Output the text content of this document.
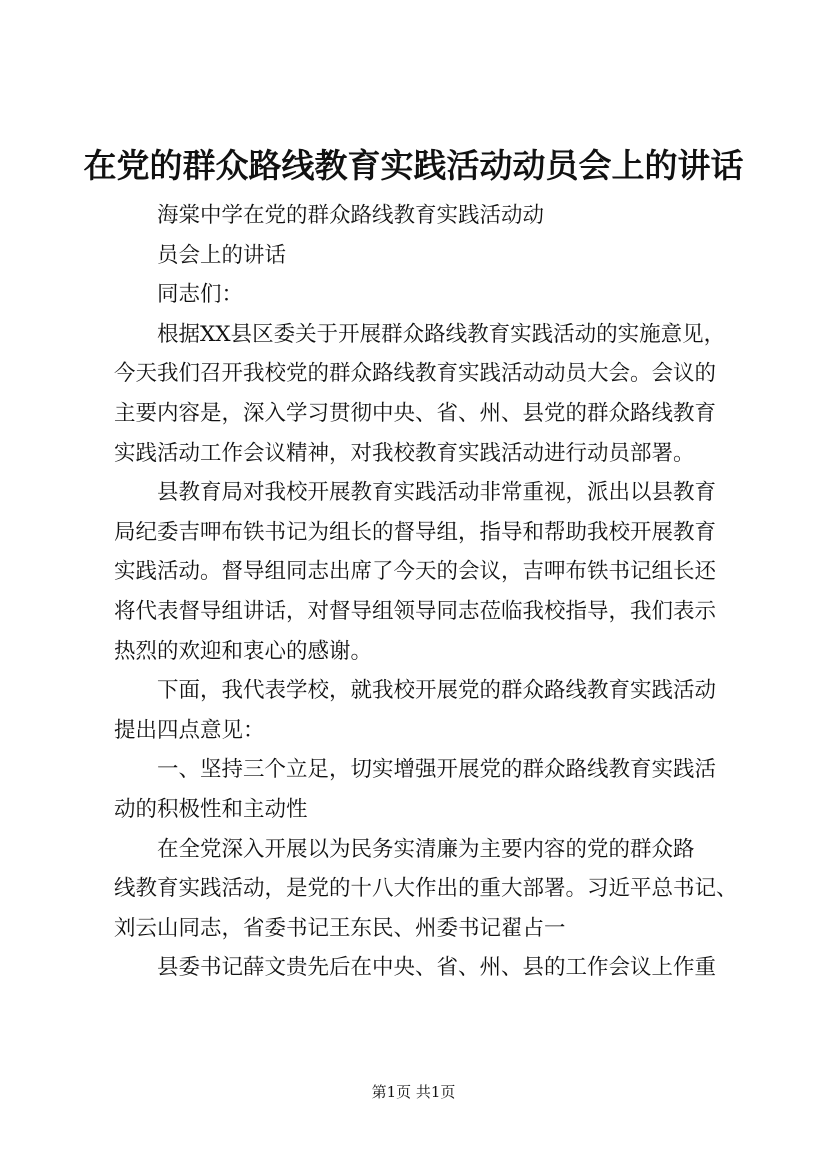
在党的群众路线教育实践活动动员会上的讲话
海棠中学在党的群众路线教育实践活动动
员会上的讲话
同志们：
根据XX县区委关于开展群众路线教育实践活动的实施意见，
今天我们召开我校党的群众路线教育实践活动动员大会。会议的
主要内容是，深入学习贯彻中央、省、州、县党的群众路线教育
实践活动工作会议精神，对我校教育实践活动进行动员部署。
县教育局对我校开展教育实践活动非常重视，派出以县教育
局纪委吉呷布铁书记为组长的督导组，指导和帮助我校开展教育
实践活动。督导组同志出席了今天的会议，吉呷布铁书记组长还
将代表督导组讲话，对督导组领导同志莅临我校指导，我们表示
热烈的欢迎和衷心的感谢。
下面，我代表学校，就我校开展党的群众路线教育实践活动
提出四点意见：
一、坚持三个立足，切实增强开展党的群众路线教育实践活
动的积极性和主动性
在全党深入开展以为民务实清廉为主要内容的党的群众路
线教育实践活动，是党的十八大作出的重大部署。习近平总书记、
刘云山同志，省委书记王东民、州委书记翟占一
县委书记薛文贵先后在中央、省、州、县的工作会议上作重
第1页 共1页
